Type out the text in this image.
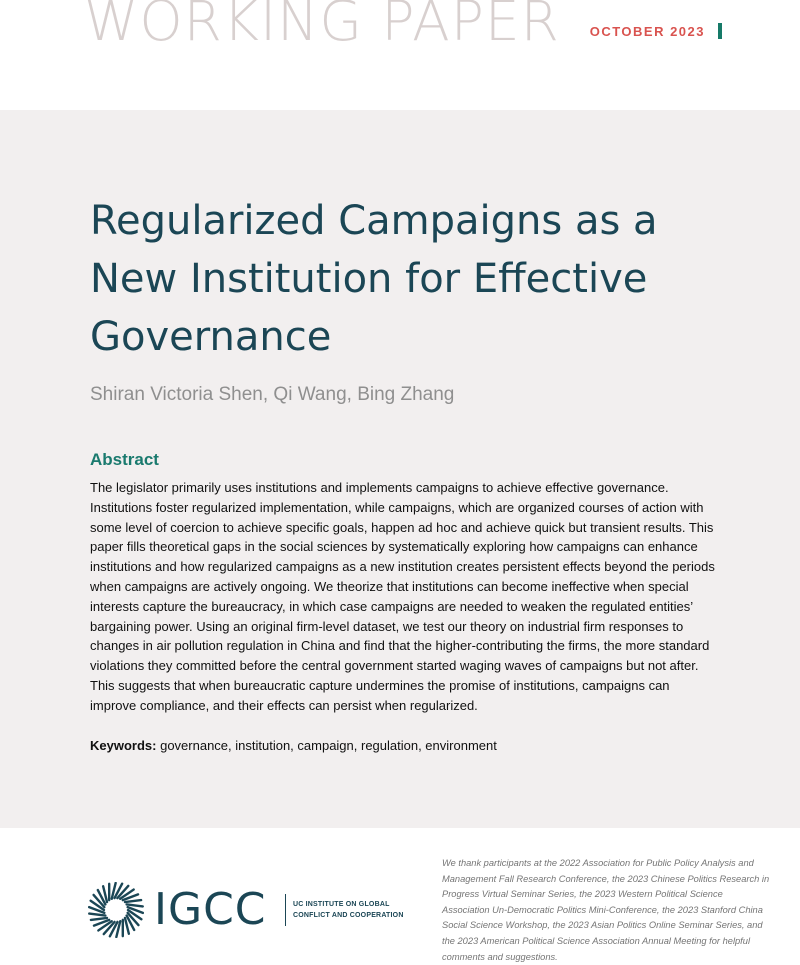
WORKING PAPER OCTOBER 2023
Regularized Campaigns as a New Institution for Effective Governance

Shiran Victoria Shen, Qi Wang, Bing Zhang

Abstract

The legislator primarily uses institutions and implements campaigns to achieve effective governance. Institutions foster regularized implementation, while campaigns, which are organized courses of action with some level of coercion to achieve specific goals, happen ad hoc and achieve quick but transient results. This paper fills theoretical gaps in the social sciences by systematically exploring how campaigns can enhance institutions and how regularized campaigns as a new institution creates persistent effects beyond the periods when campaigns are actively ongoing. We theorize that institutions can become ineffective when special interests capture the bureaucracy, in which case campaigns are needed to weaken the regulated entities’ bargaining power. Using an original firm-level dataset, we test our theory on industrial firm responses to changes in air pollution regulation in China and find that the higher-contributing the firms, the more standard violations they committed before the central government started waging waves of campaigns but not after. This suggests that when bureaucratic capture undermines the promise of institutions, campaigns can improve compliance, and their effects can persist when regularized.

Keywords: governance, institution, campaign, regulation, environment

IGCC	UC INSTITUTE ON GLOBAL CONFLICT AND COOPERATION

We thank participants at the 2022 Association for Public Policy Analysis and Management Fall Research Conference, the 2023 Chinese Politics Research in Progress Virtual Seminar Series, the 2023 Western Political Science Association Un-Democratic Politics Mini-Conference, the 2023 Stanford China Social Science Workshop, the 2023 Asian Politics Online Seminar Series, and the 2023 American Political Science Association Annual Meeting for helpful comments and suggestions.
